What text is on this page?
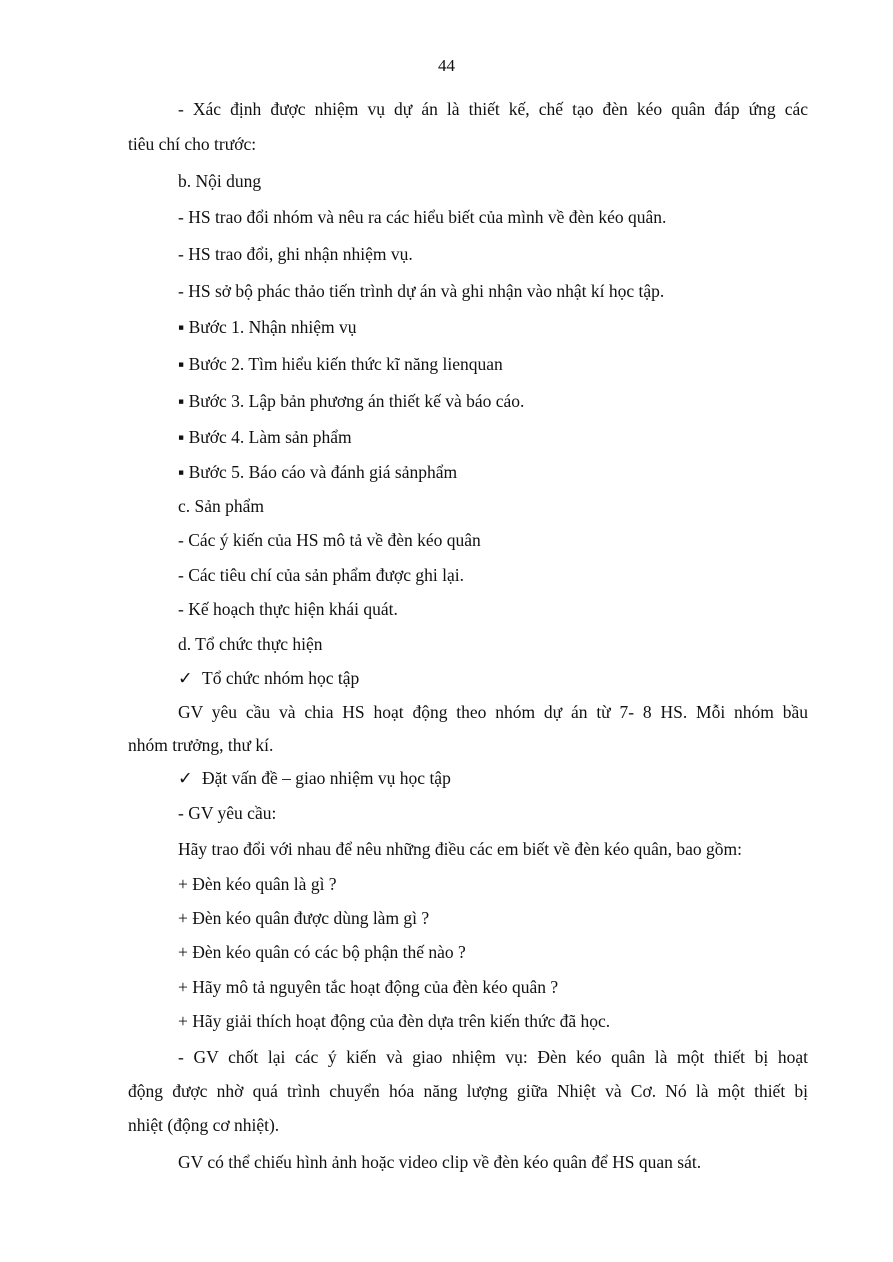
44
- Xác định được nhiệm vụ dự án là thiết kế, chế tạo đèn kéo quân đáp ứng các
tiêu chí cho trước:
b. Nội dung
- HS trao đổi nhóm và nêu ra các hiểu biết của mình về đèn kéo quân.
- HS trao đổi, ghi nhận nhiệm vụ.
- HS sở bộ phác thảo tiến trình dự án và ghi nhận vào nhật kí học tập.
▪ Bước 1. Nhận nhiệm vụ
▪ Bước 2. Tìm hiểu kiến thức kĩ năng lienquan
▪ Bước 3. Lập bản phương án thiết kế và báo cáo.
▪ Bước 4. Làm sản phẩm
▪ Bước 5. Báo cáo và đánh giá sảnphẩm
c. Sản phẩm
- Các ý kiến của HS mô tả về đèn kéo quân
- Các tiêu chí của sản phẩm được ghi lại.
- Kế hoạch thực hiện khái quát.
d. Tổ chức thực hiện
✓ Tổ chức nhóm học tập
GV yêu cầu và chia HS hoạt động theo nhóm dự án từ 7- 8 HS. Mỗi nhóm bầu
nhóm trưởng, thư kí.
✓ Đặt vấn đề – giao nhiệm vụ học tập
- GV yêu cầu:
Hãy trao đổi với nhau để nêu những điều các em biết về đèn kéo quân, bao gồm:
+ Đèn kéo quân là gì ?
+ Đèn kéo quân được dùng làm gì ?
+ Đèn kéo quân có các bộ phận thế nào ?
+ Hãy mô tả nguyên tắc hoạt động của đèn kéo quân ?
+ Hãy giải thích hoạt động của đèn dựa trên kiến thức đã học.
- GV chốt lại các ý kiến và giao nhiệm vụ: Đèn kéo quân là một thiết bị hoạt
động được nhờ quá trình chuyển hóa năng lượng giữa Nhiệt và Cơ. Nó là một thiết bị
nhiệt (động cơ nhiệt).
GV có thể chiếu hình ảnh hoặc video clip về đèn kéo quân để HS quan sát.
